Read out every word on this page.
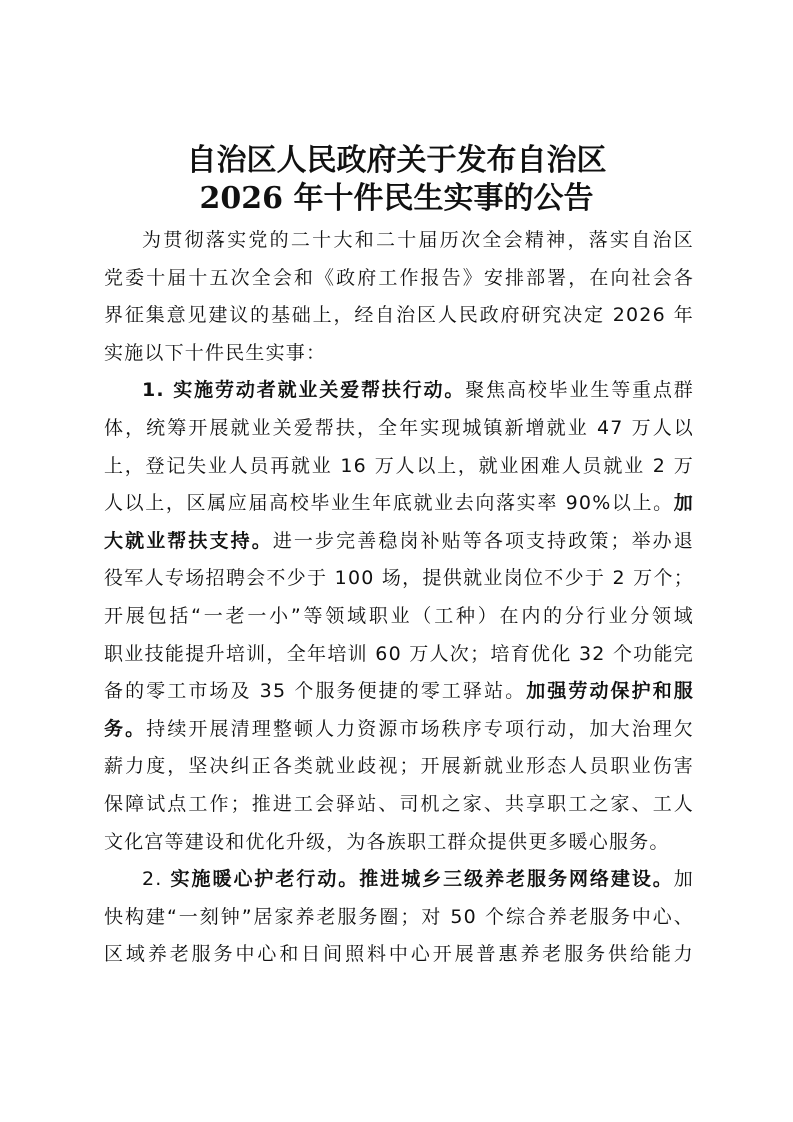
自治区人民政府关于发布自治区
2026 年十件民生实事的公告
为贯彻落实党的二十大和二十届历次全会精神，落实自治区
党委十届十五次全会和《政府工作报告》安排部署，在向社会各
界征集意见建议的基础上，经自治区人民政府研究决定 2026 年
实施以下十件民生实事：
1. 实施劳动者就业关爱帮扶行动。聚焦高校毕业生等重点群
体，统筹开展就业关爱帮扶，全年实现城镇新增就业 47 万人以
上，登记失业人员再就业 16 万人以上，就业困难人员就业 2 万
人以上，区属应届高校毕业生年底就业去向落实率 90%以上。加
大就业帮扶支持。进一步完善稳岗补贴等各项支持政策；举办退
役军人专场招聘会不少于 100 场，提供就业岗位不少于 2 万个；
开展包括“一老一小”等领域职业（工种）在内的分行业分领域
职业技能提升培训，全年培训 60 万人次；培育优化 32 个功能完
备的零工市场及 35 个服务便捷的零工驿站。加强劳动保护和服
务。持续开展清理整顿人力资源市场秩序专项行动，加大治理欠
薪力度，坚决纠正各类就业歧视；开展新就业形态人员职业伤害
保障试点工作；推进工会驿站、司机之家、共享职工之家、工人
文化宫等建设和优化升级，为各族职工群众提供更多暖心服务。
2. 实施暖心护老行动。推进城乡三级养老服务网络建设。加
快构建“一刻钟”居家养老服务圈；对 50 个综合养老服务中心、
区域养老服务中心和日间照料中心开展普惠养老服务供给能力
